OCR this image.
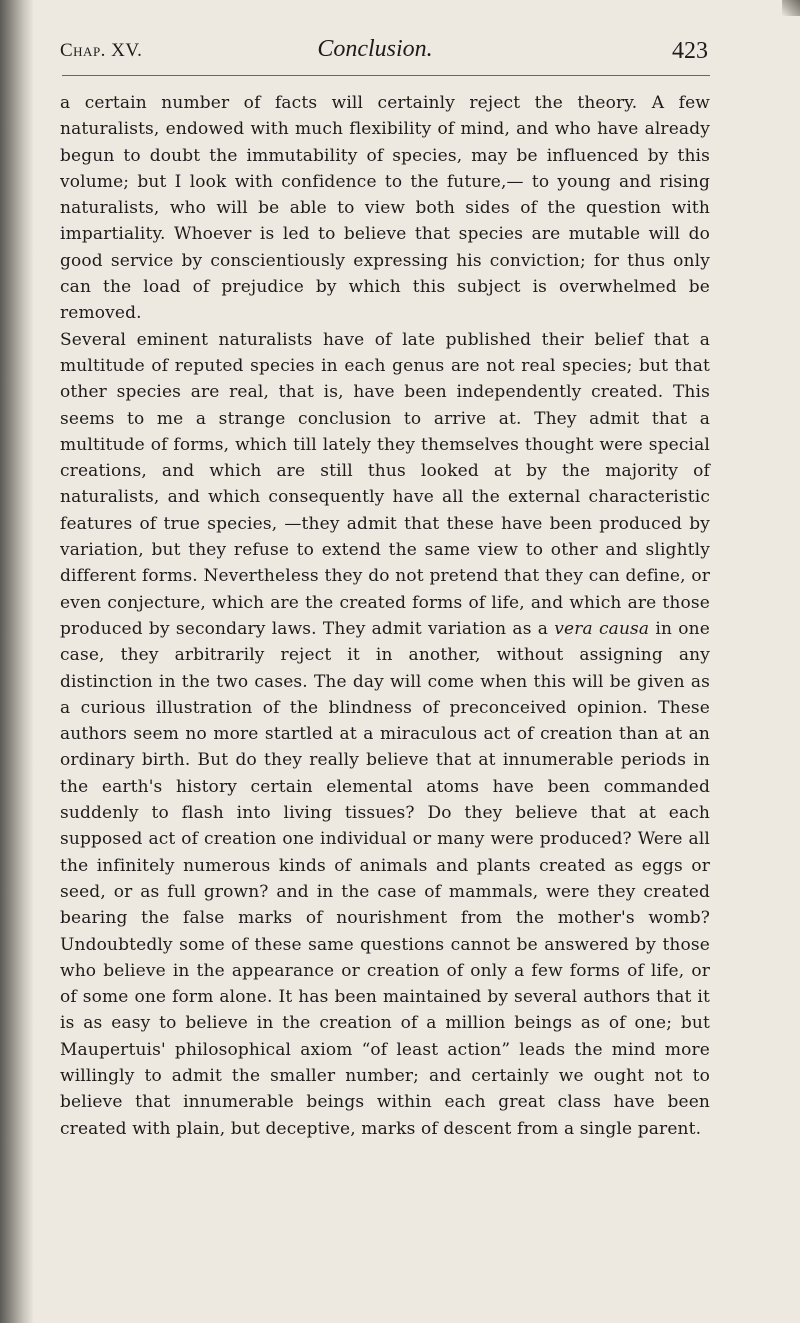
Chap. XV.	Conclusion.	423

a certain number of facts will certainly reject the theory. A few naturalists, endowed with much flexibility of mind, and who have already begun to doubt the immutability of species, may be influenced by this volume; but I look with confidence to the future,— to young and rising naturalists, who will be able to view both sides of the question with impartiality. Whoever is led to believe that species are mutable will do good service by conscientiously expressing his conviction; for thus only can the load of prejudice by which this subject is overwhelmed be removed.

Several eminent naturalists have of late published their belief that a multitude of reputed species in each genus are not real species; but that other species are real, that is, have been independently created. This seems to me a strange conclusion to arrive at. They admit that a multitude of forms, which till lately they themselves thought were special creations, and which are still thus looked at by the majority of naturalists, and which consequently have all the external characteristic features of true species, —they admit that these have been produced by variation, but they refuse to extend the same view to other and slightly different forms. Nevertheless they do not pretend that they can define, or even conjecture, which are the created forms of life, and which are those produced by secondary laws. They admit variation as a vera causa in one case, they arbitrarily reject it in another, without assigning any distinction in the two cases. The day will come when this will be given as a curious illustration of the blindness of preconceived opinion. These authors seem no more startled at a miraculous act of creation than at an ordinary birth. But do they really believe that at innumerable periods in the earth's history certain elemental atoms have been commanded suddenly to flash into living tissues? Do they believe that at each supposed act of creation one individual or many were produced? Were all the infinitely numerous kinds of animals and plants created as eggs or seed, or as full grown? and in the case of mammals, were they created bearing the false marks of nourishment from the mother's womb? Undoubtedly some of these same questions cannot be answered by those who believe in the appearance or creation of only a few forms of life, or of some one form alone. It has been maintained by several authors that it is as easy to believe in the creation of a million beings as of one; but Maupertuis' philosophical axiom “of least action” leads the mind more willingly to admit the smaller number; and certainly we ought not to believe that innumerable beings within each great class have been created with plain, but deceptive, marks of descent from a single parent.
